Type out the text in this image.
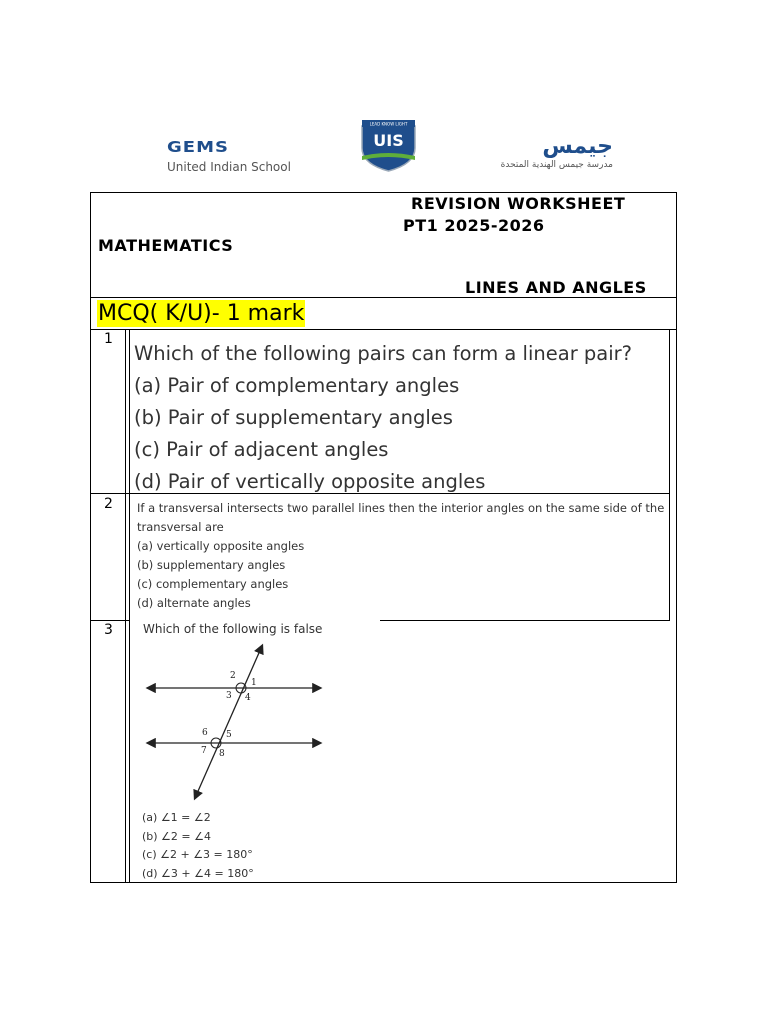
GEMS
United Indian School
LEAD KNOW LIGHT
UIS	جيمس
مدرسة جيمس الهندية المتحدة
REVISION WORKSHEET
PT1 2025-2026
MATHEMATICS
LINES AND ANGLES
MCQ( K/U)- 1 mark
1
Which of the following pairs can form a linear pair?
(a) Pair of complementary angles
(b) Pair of supplementary angles
(c) Pair of adjacent angles
(d) Pair of vertically opposite angles
2 If a transversal intersects two parallel lines then the interior angles on the same side of the
transversal are
(a) vertically opposite angles
(b) supplementary angles
(c) complementary angles
(d) alternate angles
3	Which of the following is false
1
2
3 4
5
6
7 8
(a) ∠1 = ∠2
(b) ∠2 = ∠4
(c) ∠2 + ∠3 = 180°
(d) ∠3 + ∠4 = 180°
